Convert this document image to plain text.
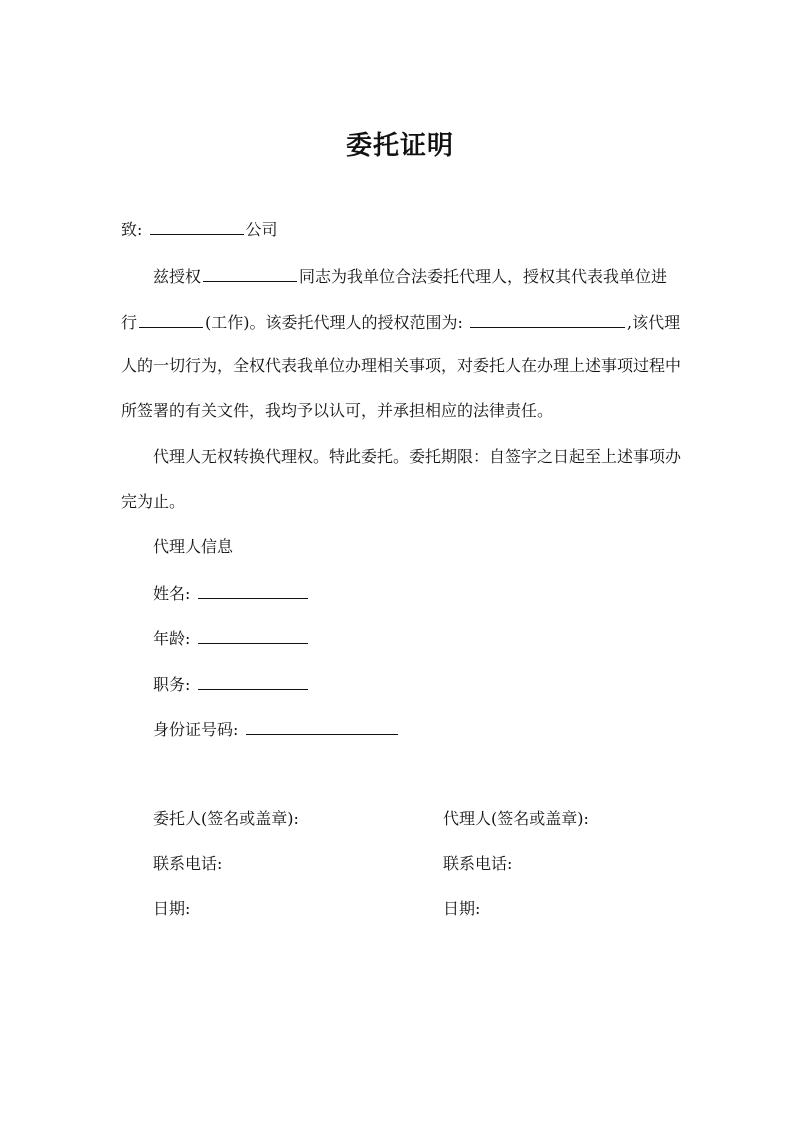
委托证明
致:	公司
兹授权	同志为我单位合法委托代理人，授权其代表我单位进
行	(工作)。该委托代理人的授权范围为:	,该代理
人的一切行为，全权代表我单位办理相关事项，对委托人在办理上述事项过程中
所签署的有关文件，我均予以认可，并承担相应的法律责任。
代理人无权转换代理权。特此委托。委托期限：自签字之日起至上述事项办
完为止。
代理人信息
姓名:
年龄:
职务:
身份证号码:
委托人(签名或盖章):	代理人(签名或盖章):
联系电话:	联系电话:
日期:	日期:
